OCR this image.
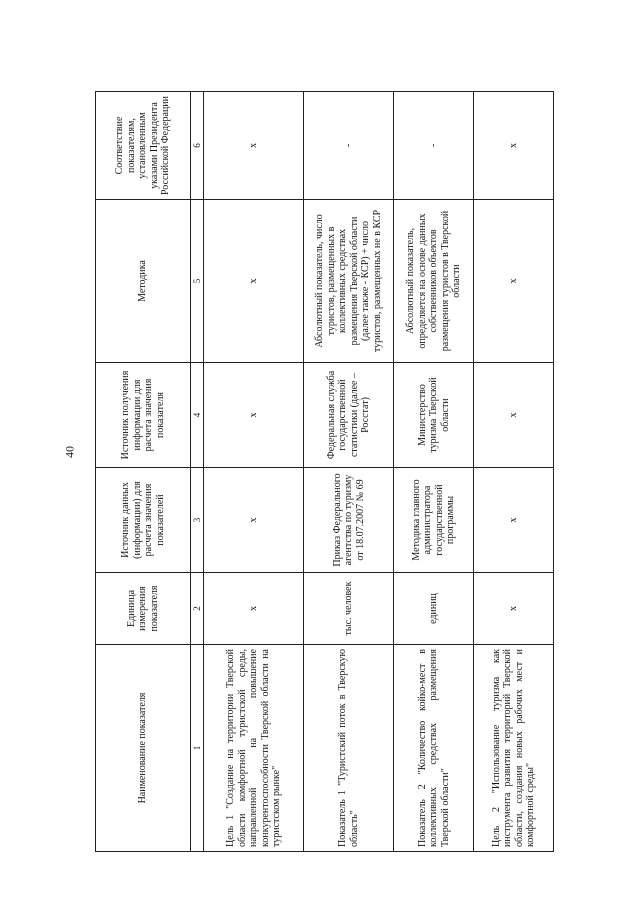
40
Наименование показателя	Единица измерения показателя	Источник данных (информации) для расчета значения показателей	Источник получения информации для расчета значения показателя	Методика	Соответствие показателям, установленным указами Президента Российской Федерации
1	2	3	4	5	6
Цель 1 "Создание на территории Тверской области комфортной туристской среды, направленной на повышение конкурентоспособности Тверской области на туристском рынке"	х	х	х	х	х
Показатель 1 "Туристский поток в Тверскую область"	тыс. человек	Приказ Федерального агентства по туризму от 18.07.2007 № 69	Федеральная служба государственной статистики (далее – Росстат)	Абсолютный показатель, число туристов, размещенных в коллективных средствах размещения Тверской области (далее также - КСР) + число туристов, размещенных не в КСР	-
Показатель 2 "Количество койко-мест в коллективных средствах размещения Тверской области"	единиц	Методика главного администратора государственной программы	Министерство туризма Тверской области	Абсолютный показатель, определяется на основе данных собственников объектов размещения туристов в Тверской области	-
Цель 2 "Использование туризма как инструмента развития территорий Тверской области, создания новых рабочих мест и комфортной среды"	х	х	х	х	х
